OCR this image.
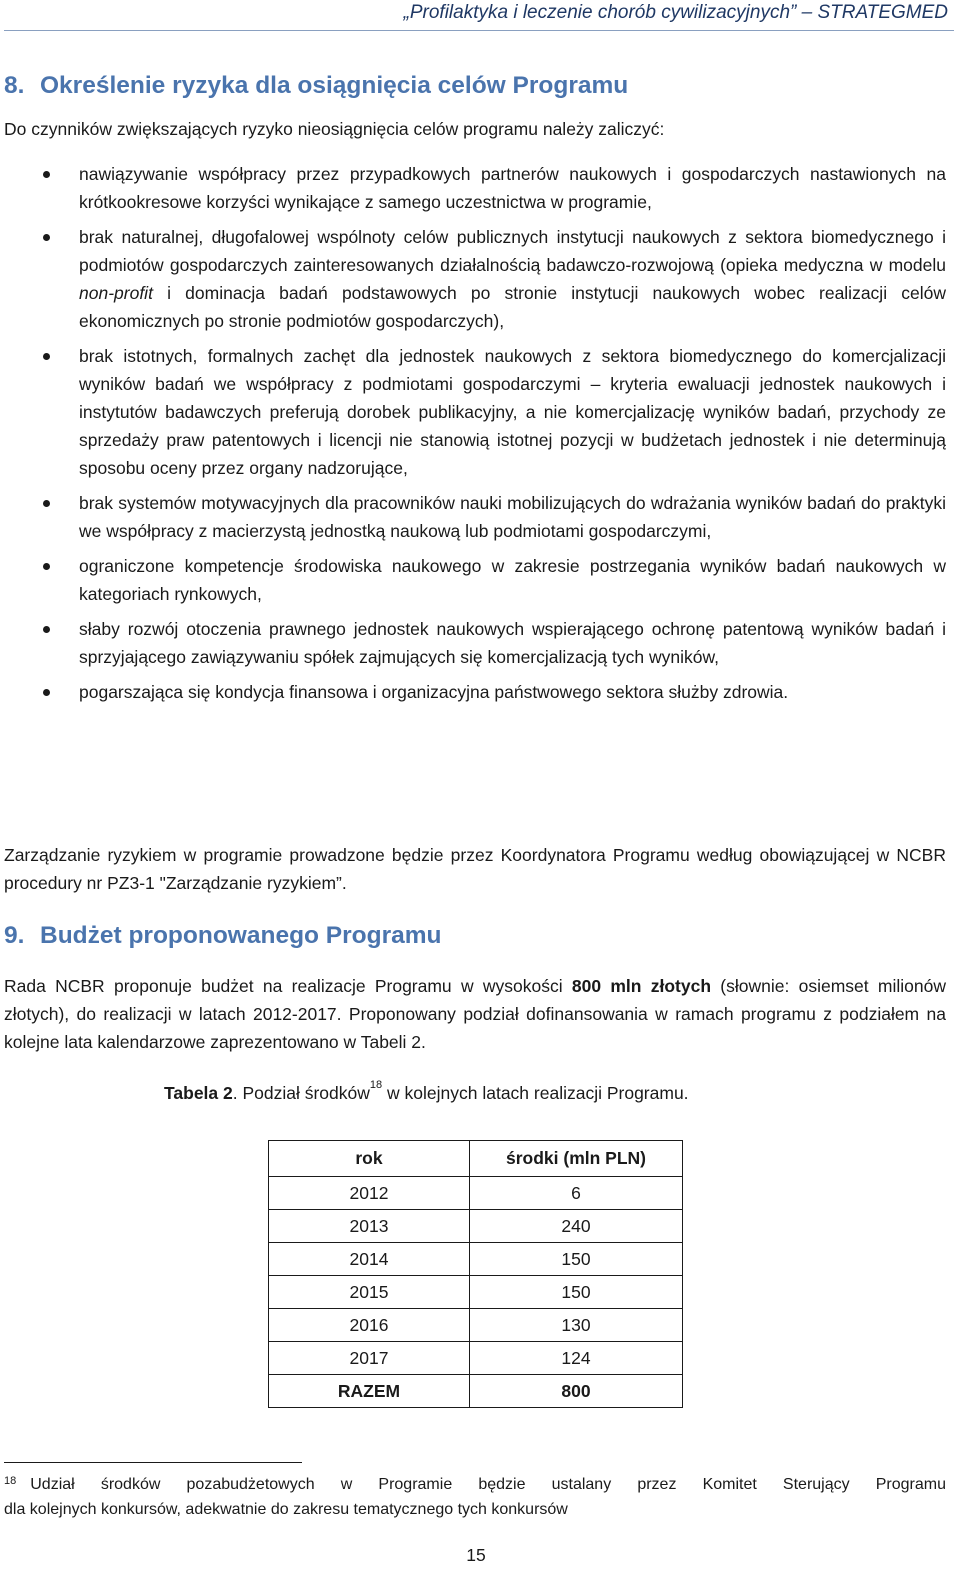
„Profilaktyka i leczenie chorób cywilizacyjnych” – STRATEGMED
8. Określenie ryzyka dla osiągnięcia celów Programu
Do czynników zwiększających ryzyko nieosiągnięcia celów programu należy zaliczyć:
nawiązywanie współpracy przez przypadkowych partnerów naukowych i gospodarczych nastawionych na krótkookresowe korzyści wynikające z samego uczestnictwa w programie,
brak naturalnej, długofalowej wspólnoty celów publicznych instytucji naukowych z sektora biomedycznego i podmiotów gospodarczych zainteresowanych działalnością badawczo-rozwojową (opieka medyczna w modelu non-profit i dominacja badań podstawowych po stronie instytucji naukowych wobec realizacji celów ekonomicznych po stronie podmiotów gospodarczych),
brak istotnych, formalnych zachęt dla jednostek naukowych z sektora biomedycznego do komercjalizacji wyników badań we współpracy z podmiotami gospodarczymi – kryteria ewaluacji jednostek naukowych i instytutów badawczych preferują dorobek publikacyjny, a nie komercjalizację wyników badań, przychody ze sprzedaży praw patentowych i licencji nie stanowią istotnej pozycji w budżetach jednostek i nie determinują sposobu oceny przez organy nadzorujące,
brak systemów motywacyjnych dla pracowników nauki mobilizujących do wdrażania wyników badań do praktyki we współpracy z macierzystą jednostką naukową lub podmiotami gospodarczymi,
ograniczone kompetencje środowiska naukowego w zakresie postrzegania wyników badań naukowych w kategoriach rynkowych,
słaby rozwój otoczenia prawnego jednostek naukowych wspierającego ochronę patentową wyników badań i sprzyjającego zawiązywaniu spółek zajmujących się komercjalizacją tych wyników,
pogarszająca się kondycja finansowa i organizacyjna państwowego sektora służby zdrowia.
Zarządzanie ryzykiem w programie prowadzone będzie przez Koordynatora Programu według obowiązującej w NCBR procedury nr PZ3-1 "Zarządzanie ryzykiem”.
9. Budżet proponowanego Programu
Rada NCBR proponuje budżet na realizacje Programu w wysokości 800 mln złotych (słownie: osiemset milionów złotych), do realizacji w latach 2012-2017. Proponowany podział dofinansowania w ramach programu z podziałem na kolejne lata kalendarzowe zaprezentowano w Tabeli 2.
Tabela 2. Podział środków$^{18}$ w kolejnych latach realizacji Programu.
rok	środki (mln PLN)
2012	6
2013	240
2014	150
2015	150
2016	130
2017	124
RAZEM	800
$^{18}$ Udział środków pozabudżetowych w Programie będzie ustalany przez Komitet Sterujący Programu
dla kolejnych konkursów, adekwatnie do zakresu tematycznego tych konkursów
15
